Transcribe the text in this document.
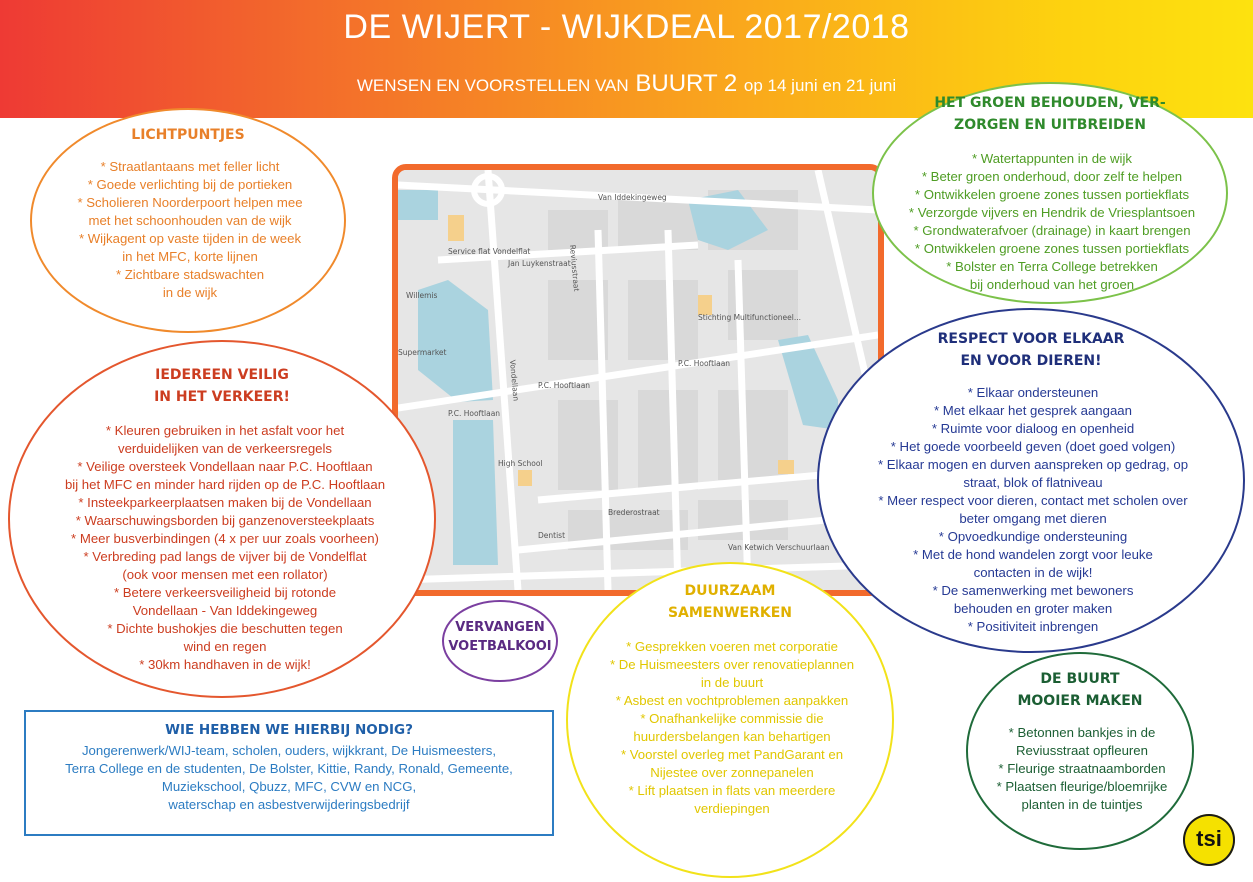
DE WIJERT - WIJKDEAL 2017/2018
WENSEN EN VOORSTELLEN VAN BUURT 2 op 14 juni en 21 juni
Van Iddekingeweg
Jan Luykenstraat
Service flat Vondelflat
Vondellaan
Reviusstraat
P.C. Hooftlaan
P.C. Hooftlaan
P.C. Hooftlaan
Stichting Multifunctioneel...
High School
Brederostraat
Van Ketwich Verschuurlaan
Supermarket
Willemis
Dentist
LICHTPUNTJES
* Straatlantaans met feller licht
* Goede verlichting bij de portieken
* Scholieren Noorderpoort helpen mee
met het schoonhouden van de wijk
* Wijkagent op vaste tijden in de week
in het MFC, korte lijnen
* Zichtbare stadswachten
in de wijk
IEDEREEN VEILIG
IN HET VERKEER!
* Kleuren gebruiken in het asfalt voor het
verduidelijken van de verkeersregels
* Veilige oversteek Vondellaan naar P.C. Hooftlaan
bij het MFC en minder hard rijden op de P.C. Hooftlaan
* Insteekparkeerplaatsen maken bij de Vondellaan
* Waarschuwingsborden bij ganzenoversteekplaats
* Meer busverbindingen (4 x per uur zoals voorheen)
* Verbreding pad langs de vijver bij de Vondelflat
(ook voor mensen met een rollator)
* Betere verkeersveiligheid bij rotonde
Vondellaan - Van Iddekingeweg
* Dichte bushokjes die beschutten tegen
wind en regen
* 30km handhaven in de wijk!
HET GROEN BEHOUDEN, VER-
ZORGEN EN UITBREIDEN
* Watertappunten in de wijk
* Beter groen onderhoud, door zelf te helpen
* Ontwikkelen groene zones tussen portiekflats
* Verzorgde vijvers en Hendrik de Vriesplantsoen
* Grondwaterafvoer (drainage) in kaart brengen
* Ontwikkelen groene zones tussen portiekflats
* Bolster en Terra College betrekken
bij onderhoud van het groen
RESPECT VOOR ELKAAR
EN VOOR DIEREN!
* Elkaar ondersteunen
* Met elkaar het gesprek aangaan
* Ruimte voor dialoog en openheid
* Het goede voorbeeld geven (doet goed volgen)
* Elkaar mogen en durven aanspreken op gedrag, op
straat, blok of flatniveau
* Meer respect voor dieren, contact met scholen over
beter omgang met dieren
* Opvoedkundige ondersteuning
* Met de hond wandelen zorgt voor leuke
contacten in de wijk!
* De samenwerking met bewoners
behouden en groter maken
* Positiviteit inbrengen
VERVANGEN
VOETBALKOOI
DUURZAAM
SAMENWERKEN
* Gesprekken voeren met corporatie
* De Huismeesters over renovatieplannen
in de buurt
* Asbest en vochtproblemen aanpakken
* Onafhankelijke commissie die
huurdersbelangen kan behartigen
* Voorstel overleg met PandGarant en
Nijestee over zonnepanelen
* Lift plaatsen in flats van meerdere
verdiepingen
DE BUURT
MOOIER MAKEN
* Betonnen bankjes in de
Reviusstraat opfleuren
* Fleurige straatnaamborden
* Plaatsen fleurige/bloemrijke
planten in de tuintjes
WIE HEBBEN WE HIERBIJ NODIG?
Jongerenwerk/WIJ-team, scholen, ouders, wijkkrant, De Huismeesters,
Terra College en de studenten, De Bolster, Kittie, Randy, Ronald, Gemeente,
Muziekschool, Qbuzz, MFC, CVW en NCG,
waterschap en asbestverwijderingsbedrijf
tsi
